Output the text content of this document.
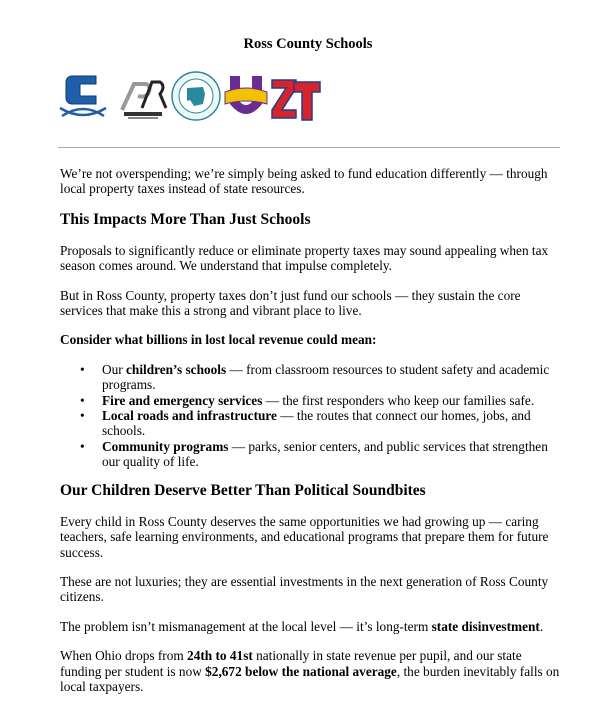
Ross County Schools

We’re not overspending; we’re simply being asked to fund education differently — through local property taxes instead of state resources.

This Impacts More Than Just Schools

Proposals to significantly reduce or eliminate property taxes may sound appealing when tax season comes around. We understand that impulse completely.

But in Ross County, property taxes don’t just fund our schools — they sustain the core services that make this a strong and vibrant place to live.

Consider what billions in lost local revenue could mean:

• Our children’s schools — from classroom resources to student safety and academic programs.
• Fire and emergency services — the first responders who keep our families safe.
• Local roads and infrastructure — the routes that connect our homes, jobs, and schools.
• Community programs — parks, senior centers, and public services that strengthen our quality of life.
Our Children Deserve Better Than Political Soundbites

Every child in Ross County deserves the same opportunities we had growing up — caring teachers, safe learning environments, and educational programs that prepare them for future success.

These are not luxuries; they are essential investments in the next generation of Ross County citizens.

The problem isn’t mismanagement at the local level — it’s long-term state disinvestment.

When Ohio drops from 24th to 41st nationally in state revenue per pupil, and our state funding per student is now $2,672 below the national average, the burden inevitably falls on local taxpayers.
